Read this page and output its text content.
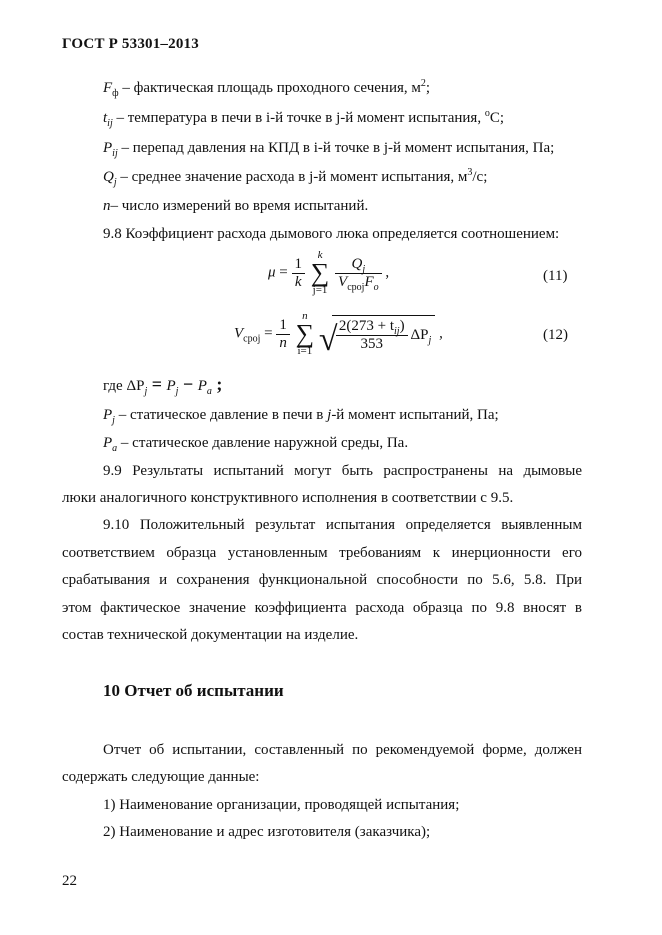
ГОСТ Р 53301–2013
$F_ф$ – фактическая площадь проходного сечения, $м^2$;
$t_{ij}$ – температура в печи в i-й точке в j-й момент испытания, $^o$С;
$P_{ij}$ – перепад давления на КПД в i-й точке в j-й момент испытания, Па;
$Q_j$ – среднее значение расхода в j-й момент испытания, $м^3/с$;
n– число измерений во время испытаний.
9.8 Коэффициент расхода дымового люка определяется соотношением:
$\mu = \frac{1}{k}$
k
∑
$j=1 \frac{Q_j}{V_{cpoj}F_o}$ ,	(11)
$V_{cpoj} = \frac{1}{n}$
n
∑
i=1
√ $\frac{2(273 + t_{ij})}{353} \Delta P_j$ ,	(12)
где $\Delta P_j = P_j - P_a$ ;
$P_j$ – статическое давление в печи в j-й момент испытаний, Па;
$P_a$ – статическое давление наружной среды, Па.
9.9 Результаты испытаний могут быть распространены на дымовые
люки аналогичного конструктивного исполнения в соответствии с 9.5.
9.10 Положительный результат испытания определяется выявленным
соответствием образца установленным требованиям к инерционности его
срабатывания и сохранения функциональной способности по 5.6, 5.8. При
этом фактическое значение коэффициента расхода образца по 9.8 вносят в
состав технической документации на изделие.
10 Отчет об испытании
Отчет об испытании, составленный по рекомендуемой форме, должен
содержать следующие данные:
1) Наименование организации, проводящей испытания;
2) Наименование и адрес изготовителя (заказчика);
22
